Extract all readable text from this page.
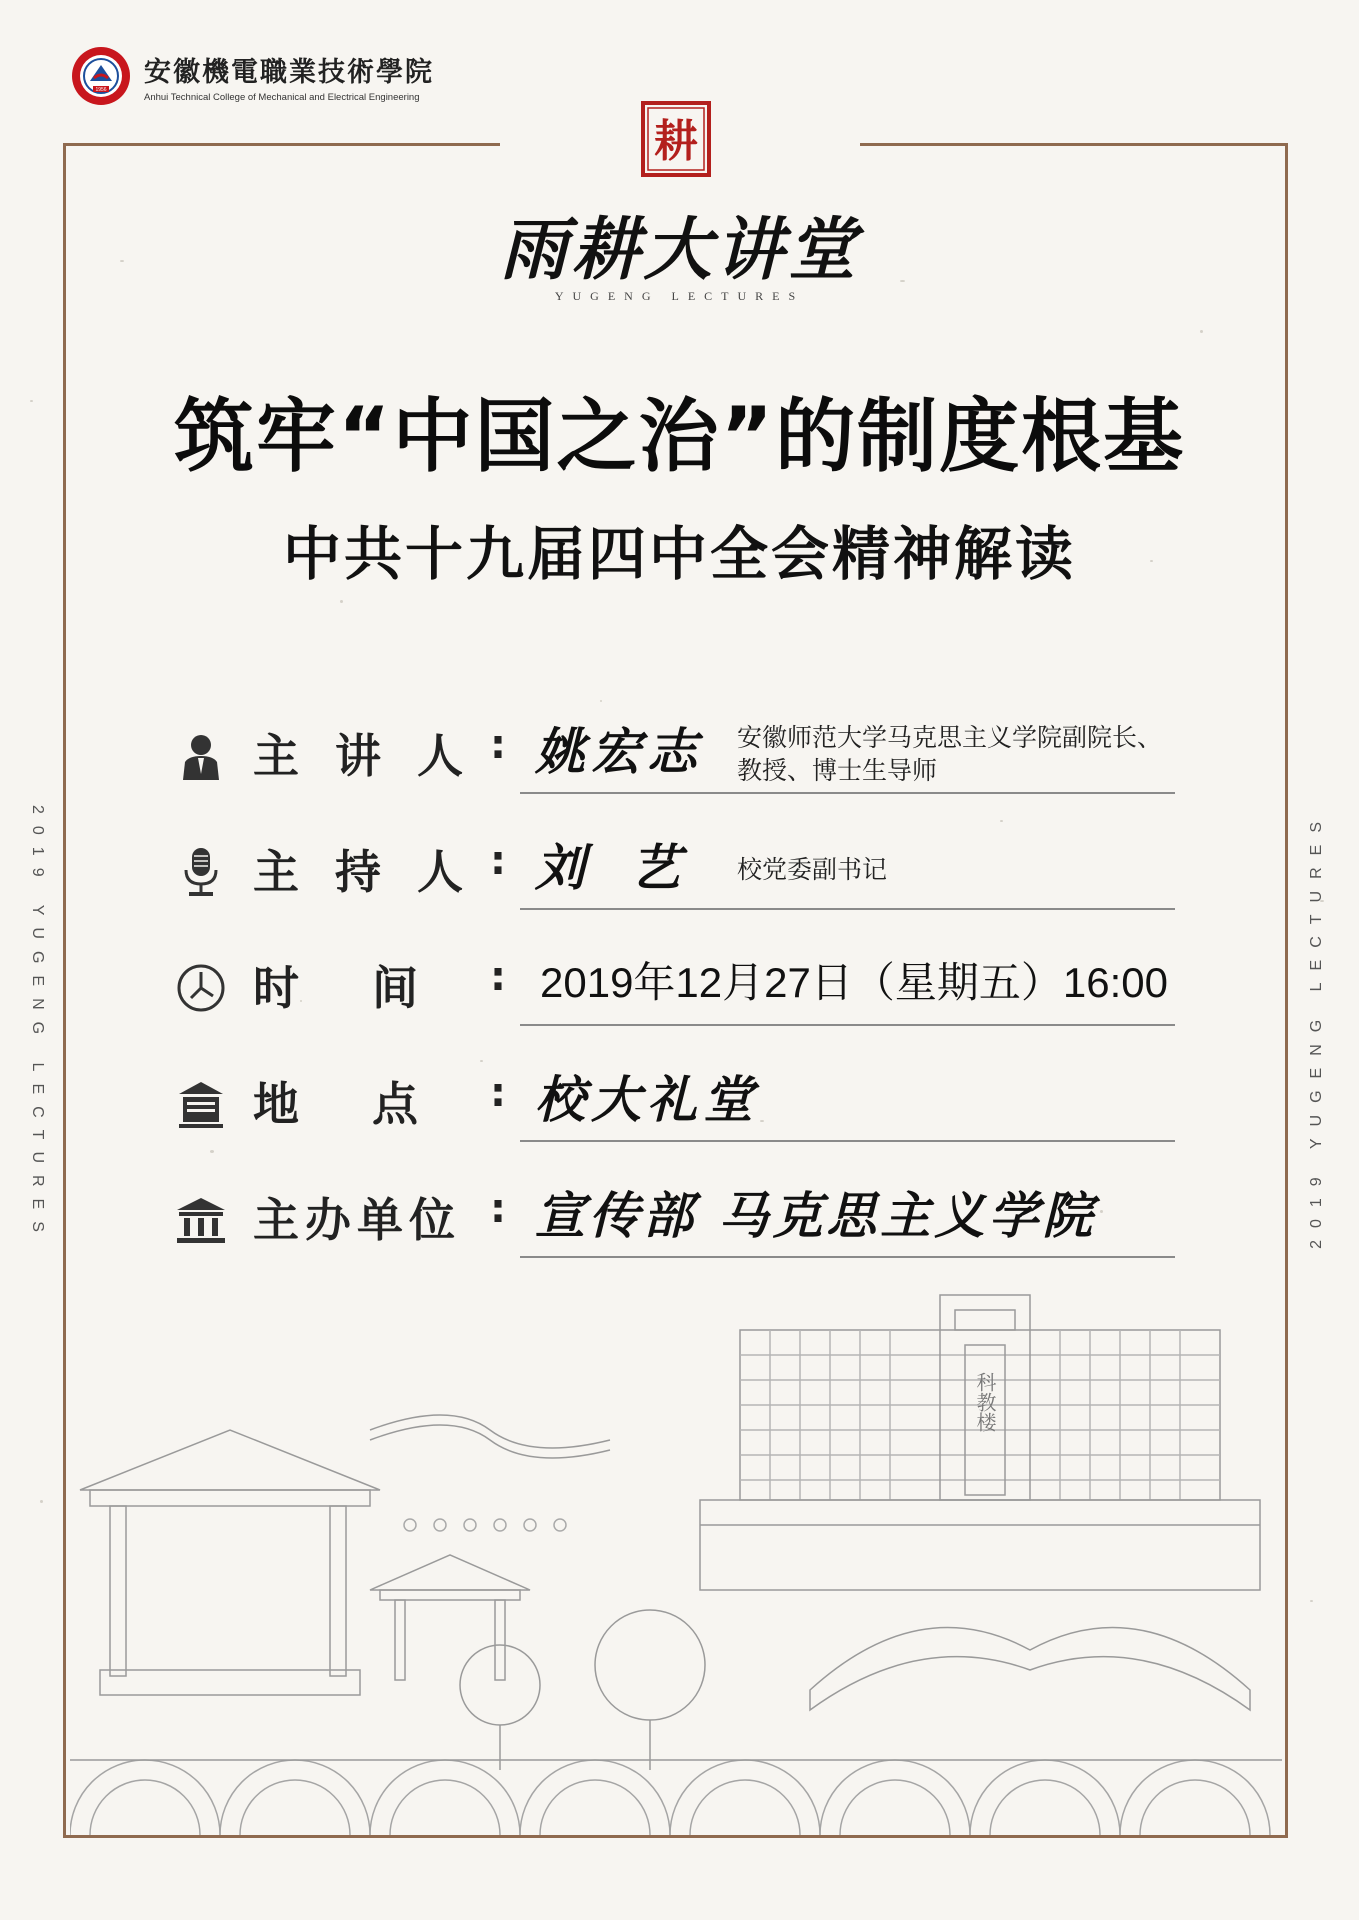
1956
安徽機電職業技術學院
Anhui Technical College of Mechanical and Electrical Engineering
耕
雨耕大讲堂
YUGENG LECTURES
筑牢“中国之治”的制度根基
中共十九届四中全会精神解读
主 讲 人 : 姚宏志 安徽师范大学马克思主义学院副院长、
教授、博士生导师
主 持 人 : 刘 艺 校党委副书记
时 间 : 2019年12月27日（星期五）16:00
地 点 : 校大礼堂
主办单位 : 宣传部 马克思主义学院
2019 YUGENG LECTURES	2019 YUGENG LECTURES
科教楼
